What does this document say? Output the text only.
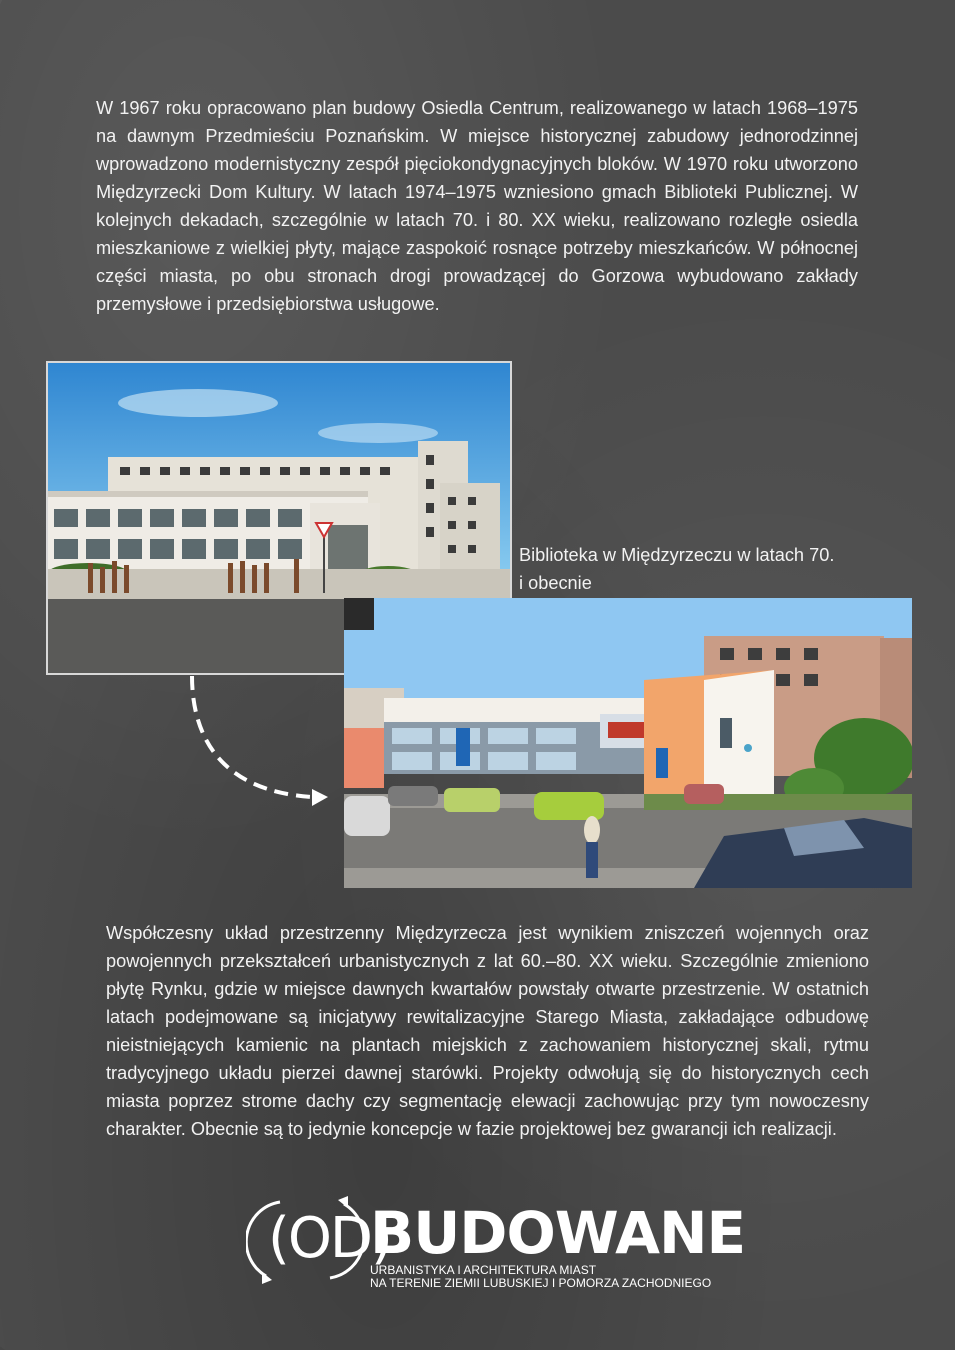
W 1967 roku opracowano plan budowy Osiedla Centrum, realizowanego w latach 1968–1975 na dawnym Przedmieściu Poznańskim. W miejsce historycznej zabudowy jednorodzinnej wprowadzono modernistyczny zespół pięciokondygnacyjnych bloków. W 1970 roku utworzono Międzyrzecki Dom Kultury. W latach 1974–1975 wzniesiono gmach Biblioteki Publicznej. W kolejnych dekadach, szczególnie w latach 70. i 80. XX wieku, realizowano rozległe osiedla mieszkaniowe z wielkiej płyty, mające zaspokoić rosnące potrzeby mieszkańców. W północnej części miasta, po obu stronach drogi prowadzącej do Gorzowa wybudowano zakłady przemysłowe i przedsiębiorstwa usługowe.

Biblioteka w Międzyrzeczu w latach 70.
i obecnie
Współczesny układ przestrzenny Międzyrzecza jest wynikiem zniszczeń wojennych oraz powojennych przekształceń urbanistycznych z lat 60.–80. XX wieku. Szczególnie zmieniono płytę Rynku, gdzie w miejsce dawnych kwartałów powstały otwarte przestrzenie. W ostatnich latach podejmowane są inicjatywy rewitalizacyjne Starego Miasta, zakładające odbudowę nieistniejących kamienic na plantach miejskich z zachowaniem historycznej skali, rytmu tradycyjnego układu pierzei dawnej starówki. Projekty odwołują się do historycznych cech miasta poprzez strome dachy czy segmentację elewacji zachowując przy tym nowoczesny charakter. Obecnie są to jedynie koncepcje w fazie projektowej bez gwarancji ich realizacji.
(OD)
BUDOWANE
URBANISTYKA I ARCHITEKTURA MIAST
NA TERENIE ZIEMII LUBUSKIEJ I POMORZA ZACHODNIEGO
